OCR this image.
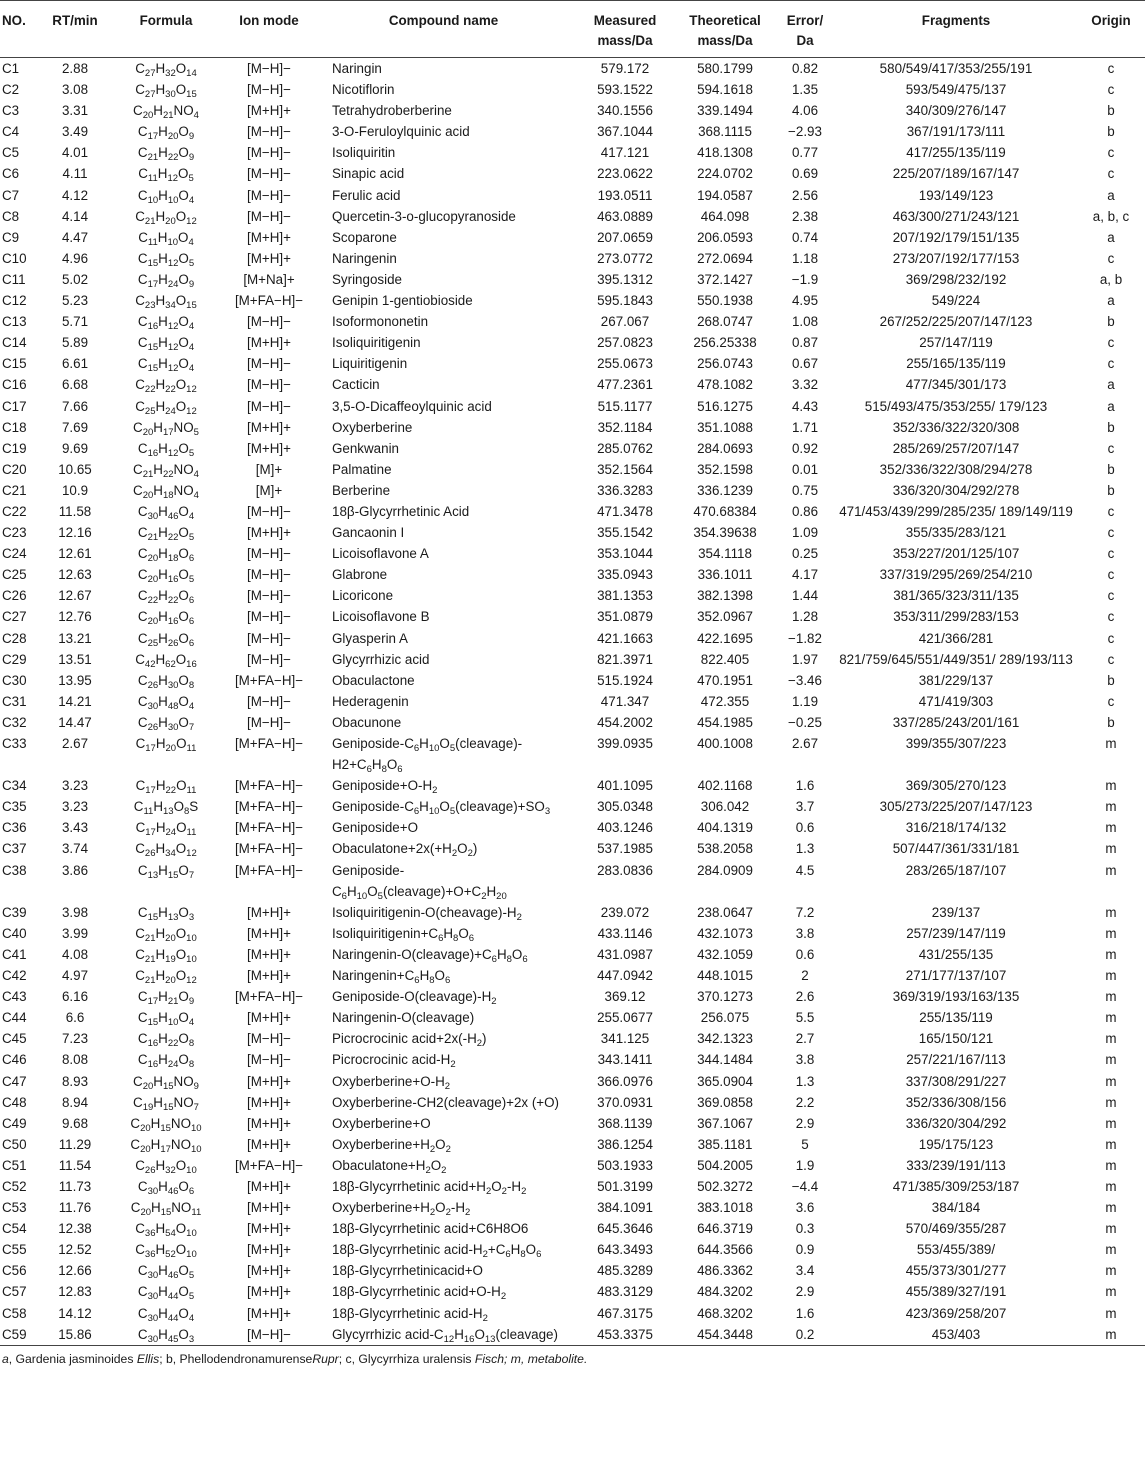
NO.	RT/min	Formula	Ion mode	Compound name	Measured mass/Da	Theoretical mass/Da	Error/ Da	Fragments	Origin
C1	2.88	$C_{27}H_{32}O_{14}$	[M−H]−	Naringin	579.172	580.1799	0.82	580/549/417/353/255/191	c
C2	3.08	$C_{27}H_{30}O_{15}$	[M−H]−	Nicotiflorin	593.1522	594.1618	1.35	593/549/475/137	c
C3	3.31	$C_{20}H_{21}NO_4$	[M+H]+	Tetrahydroberberine	340.1556	339.1494	4.06	340/309/276/147	b
C4	3.49	$C_{17}H_{20}O_9$	[M−H]−	3-O-Feruloylquinic acid	367.1044	368.1115	−2.93	367/191/173/111	b
C5	4.01	$C_{21}H_{22}O_9$	[M−H]−	Isoliquiritin	417.121	418.1308	0.77	417/255/135/119	c
C6	4.11	$C_{11}H_{12}O_5$	[M−H]−	Sinapic acid	223.0622	224.0702	0.69	225/207/189/167/147	c
C7	4.12	$C_{10}H_{10}O_4$	[M−H]−	Ferulic acid	193.0511	194.0587	2.56	193/149/123	a
C8	4.14	$C_{21}H_{20}O_{12}$	[M−H]−	Quercetin-3-o-glucopyranoside	463.0889	464.098	2.38	463/300/271/243/121	a, b, c
C9	4.47	$C_{11}H_{10}O_4$	[M+H]+	Scoparone	207.0659	206.0593	0.74	207/192/179/151/135	a
C10	4.96	$C_{15}H_{12}O_5$	[M+H]+	Naringenin	273.0772	272.0694	1.18	273/207/192/177/153	c
C11	5.02	$C_{17}H_{24}O_9$	[M+Na]+	Syringoside	395.1312	372.1427	−1.9	369/298/232/192	a, b
C12	5.23	$C_{23}H_{34}O_{15}$	[M+FA−H]−	Genipin 1-gentiobioside	595.1843	550.1938	4.95	549/224	a
C13	5.71	$C_{16}H_{12}O_4$	[M−H]−	Isoformononetin	267.067	268.0747	1.08	267/252/225/207/147/123	b
C14	5.89	$C_{15}H_{12}O_4$	[M+H]+	Isoliquiritigenin	257.0823	256.25338	0.87	257/147/119	c
C15	6.61	$C_{15}H_{12}O_4$	[M−H]−	Liquiritigenin	255.0673	256.0743	0.67	255/165/135/119	c
C16	6.68	$C_{22}H_{22}O_{12}$	[M−H]−	Cacticin	477.2361	478.1082	3.32	477/345/301/173	a
C17	7.66	$C_{25}H_{24}O_{12}$	[M−H]−	3,5-O-Dicaffeoylquinic acid	515.1177	516.1275	4.43	515/493/475/353/255/ 179/123	a
C18	7.69	$C_{20}H_{17}NO_5$	[M+H]+	Oxyberberine	352.1184	351.1088	1.71	352/336/322/320/308	b
C19	9.69	$C_{16}H_{12}O_5$	[M+H]+	Genkwanin	285.0762	284.0693	0.92	285/269/257/207/147	c
C20	10.65	$C_{21}H_{22}NO_4$	[M]+	Palmatine	352.1564	352.1598	0.01	352/336/322/308/294/278	b
C21	10.9	$C_{20}H_{18}NO_4$	[M]+	Berberine	336.3283	336.1239	0.75	336/320/304/292/278	b
C22	11.58	$C_{30}H_{46}O_4$	[M−H]−	18β-Glycyrrhetinic Acid	471.3478	470.68384	0.86	471/453/439/299/285/235/ 189/149/119	c
C23	12.16	$C_{21}H_{22}O_5$	[M+H]+	Gancaonin I	355.1542	354.39638	1.09	355/335/283/121	c
C24	12.61	$C_{20}H_{18}O_6$	[M−H]−	Licoisoflavone A	353.1044	354.1118	0.25	353/227/201/125/107	c
C25	12.63	$C_{20}H_{16}O_5$	[M−H]−	Glabrone	335.0943	336.1011	4.17	337/319/295/269/254/210	c
C26	12.67	$C_{22}H_{22}O_6$	[M−H]−	Licoricone	381.1353	382.1398	1.44	381/365/323/311/135	c
C27	12.76	$C_{20}H_{16}O_6$	[M−H]−	Licoisoflavone B	351.0879	352.0967	1.28	353/311/299/283/153	c
C28	13.21	$C_{25}H_{26}O_6$	[M−H]−	Glyasperin A	421.1663	422.1695	−1.82	421/366/281	c
C29	13.51	$C_{42}H_{62}O_{16}$	[M−H]−	Glycyrrhizic acid	821.3971	822.405	1.97	821/759/645/551/449/351/ 289/193/113	c
C30	13.95	$C_{26}H_{30}O_8$	[M+FA−H]−	Obaculactone	515.1924	470.1951	−3.46	381/229/137	b
C31	14.21	$C_{30}H_{48}O_4$	[M−H]−	Hederagenin	471.347	472.355	1.19	471/419/303	c
C32	14.47	$C_{26}H_{30}O_7$	[M−H]−	Obacunone	454.2002	454.1985	−0.25	337/285/243/201/161	b
C33	2.67	$C_{17}H_{20}O_{11}$	[M+FA−H]−	Geniposide-$C_6H_{10}O_5(cleavage)-$ $H2+C_6H_8O_6$	399.0935	400.1008	2.67	399/355/307/223	m
C34	3.23	$C_{17}H_{22}O_{11}$	[M+FA−H]−	$Geniposide+O-H_2$	401.1095	402.1168	1.6	369/305/270/123	m
C35	3.23	$C_{11}H_{13}O_8S$	[M+FA−H]−	Geniposide-$C_6H_{10}O_5(cleavage)+SO_3$	305.0348	306.042	3.7	305/273/225/207/147/123	m
C36	3.43	$C_{17}H_{24}O_{11}$	[M+FA−H]−	Geniposide+O	403.1246	404.1319	0.6	316/218/174/132	m
C37	3.74	$C_{26}H_{34}O_{12}$	[M+FA−H]−	$Obaculatone+2x(+H_2O_2)$	537.1985	538.2058	1.3	507/447/361/331/181	m
C38	3.86	$C_{13}H_{15}O_7$	[M+FA−H]−	Geniposide- $C_6H_{10}O_5(cleavage)+O+C_2H_{20}$	283.0836	284.0909	4.5	283/265/187/107	m
C39	3.98	$C_{15}H_{13}O_3$	[M+H]+	Isoliquiritigenin-$O(cheavage)-H_2$	239.072	238.0647	7.2	239/137	m
C40	3.99	$C_{21}H_{20}O_{10}$	[M+H]+	$Isoliquiritigenin+C_6H_8O_6$	433.1146	432.1073	3.8	257/239/147/119	m
C41	4.08	$C_{21}H_{19}O_{10}$	[M+H]+	Naringenin-$O(cleavage)+C_6H_8O_6$	431.0987	432.1059	0.6	431/255/135	m
C42	4.97	$C_{21}H_{20}O_{12}$	[M+H]+	$Naringenin+C_6H_8O_6$	447.0942	448.1015	2	271/177/137/107	m
C43	6.16	$C_{17}H_{21}O_9$	[M+FA−H]−	Geniposide-$O(cleavage)-H_2$	369.12	370.1273	2.6	369/319/193/163/135	m
C44	6.6	$C_{15}H_{10}O_4$	[M+H]+	Naringenin-O(cleavage)	255.0677	256.075	5.5	255/135/119	m
C45	7.23	$C_{16}H_{22}O_8$	[M−H]−	Picrocrocinic $acid+2x(-H_2)$	341.125	342.1323	2.7	165/150/121	m
C46	8.08	$C_{16}H_{24}O_8$	[M−H]−	Picrocrocinic acid-$H_2$	343.1411	344.1484	3.8	257/221/167/113	m
C47	8.93	$C_{20}H_{15}NO_9$	[M+H]+	$Oxyberberine+O-H_2$	366.0976	365.0904	1.3	337/308/291/227	m
C48	8.94	$C_{19}H_{15}NO_7$	[M+H]+	Oxyberberine-CH2(cleavage)+2x (+O)	370.0931	369.0858	2.2	352/336/308/156	m
C49	9.68	$C_{20}H_{15}NO_{10}$	[M+H]+	Oxyberberine+O	368.1139	367.1067	2.9	336/320/304/292	m
C50	11.29	$C_{20}H_{17}NO_{10}$	[M+H]+	$Oxyberberine+H_2O_2$	386.1254	385.1181	5	195/175/123	m
C51	11.54	$C_{26}H_{32}O_{10}$	[M+FA−H]−	$Obaculatone+H_2O_2$	503.1933	504.2005	1.9	333/239/191/113	m
C52	11.73	$C_{30}H_{46}O_6$	[M+H]+	18β-Glycyrrhetinic $acid+H_2O_2-H_2$	501.3199	502.3272	−4.4	471/385/309/253/187	m
C53	11.76	$C_{20}H_{15}NO_{11}$	[M+H]+	$Oxyberberine+H_2O_2-H_2$	384.1091	383.1018	3.6	384/184	m
C54	12.38	$C_{36}H_{54}O_{10}$	[M+H]+	18β-Glycyrrhetinic acid+C6H8O6	645.3646	646.3719	0.3	570/469/355/287	m
C55	12.52	$C_{36}H_{52}O_{10}$	[M+H]+	18β-Glycyrrhetinic acid-$H_2+C_6H_8O_6$	643.3493	644.3566	0.9	553/455/389/	m
C56	12.66	$C_{30}H_{46}O_5$	[M+H]+	18β-Glycyrrhetinicacid+O	485.3289	486.3362	3.4	455/373/301/277	m
C57	12.83	$C_{30}H_{44}O_5$	[M+H]+	18β-Glycyrrhetinic $acid+O-H_2$	483.3129	484.3202	2.9	455/389/327/191	m
C58	14.12	$C_{30}H_{44}O_4$	[M+H]+	18β-Glycyrrhetinic acid-$H_2$	467.3175	468.3202	1.6	423/369/258/207	m
C59	15.86	$C_{30}H_{45}O_3$	[M−H]−	Glycyrrhizic acid-$C_{12}H_{16}O_{13}(cleavage)$	453.3375	454.3448	0.2	453/403	m
a, Gardenia jasminoides Ellis; b, PhellodendronamurenseRupr; c, Glycyrrhiza uralensis Fisch; m, metabolite.
